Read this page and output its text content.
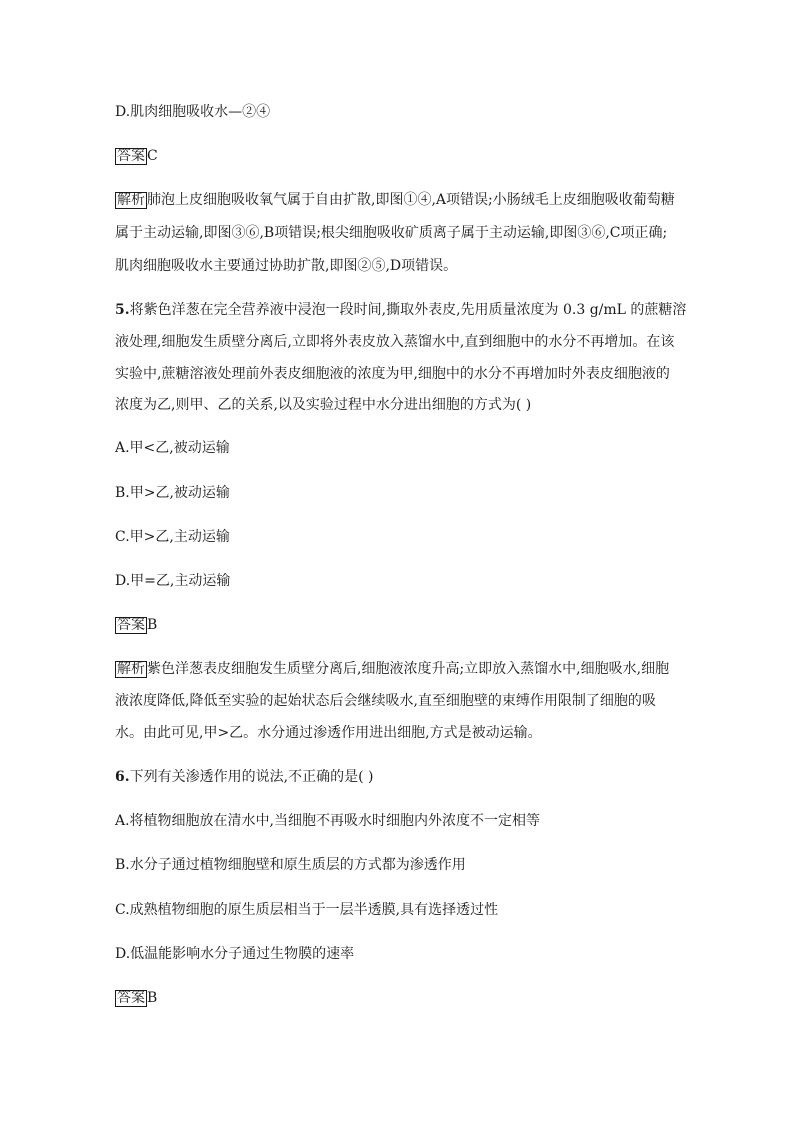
D.肌肉细胞吸收水—②④
答案 C
解析 肺泡上皮细胞吸收氧气属于自由扩散,即图①④,A项错误;小肠绒毛上皮细胞吸收葡萄糖
属于主动运输,即图③⑥,B项错误;根尖细胞吸收矿质离子属于主动运输,即图③⑥,C项正确;
肌肉细胞吸收水主要通过协助扩散,即图②⑤,D项错误。
5.将紫色洋葱在完全营养液中浸泡一段时间,撕取外表皮,先用质量浓度为 0.3 g/mL 的蔗糖溶
液处理,细胞发生质壁分离后,立即将外表皮放入蒸馏水中,直到细胞中的水分不再增加。在该
实验中,蔗糖溶液处理前外表皮细胞液的浓度为甲,细胞中的水分不再增加时外表皮细胞液的
浓度为乙,则甲、乙的关系,以及实验过程中水分进出细胞的方式为( )
A.甲<乙,被动运输
B.甲>乙,被动运输
C.甲>乙,主动运输
D.甲=乙,主动运输
答案 B
解析 紫色洋葱表皮细胞发生质壁分离后,细胞液浓度升高;立即放入蒸馏水中,细胞吸水,细胞
液浓度降低,降低至实验的起始状态后会继续吸水,直至细胞壁的束缚作用限制了细胞的吸
水。由此可见,甲>乙。水分通过渗透作用进出细胞,方式是被动运输。
6.下列有关渗透作用的说法,不正确的是( )
A.将植物细胞放在清水中,当细胞不再吸水时细胞内外浓度不一定相等
B.水分子通过植物细胞壁和原生质层的方式都为渗透作用
C.成熟植物细胞的原生质层相当于一层半透膜,具有选择透过性
D.低温能影响水分子通过生物膜的速率
答案 B
